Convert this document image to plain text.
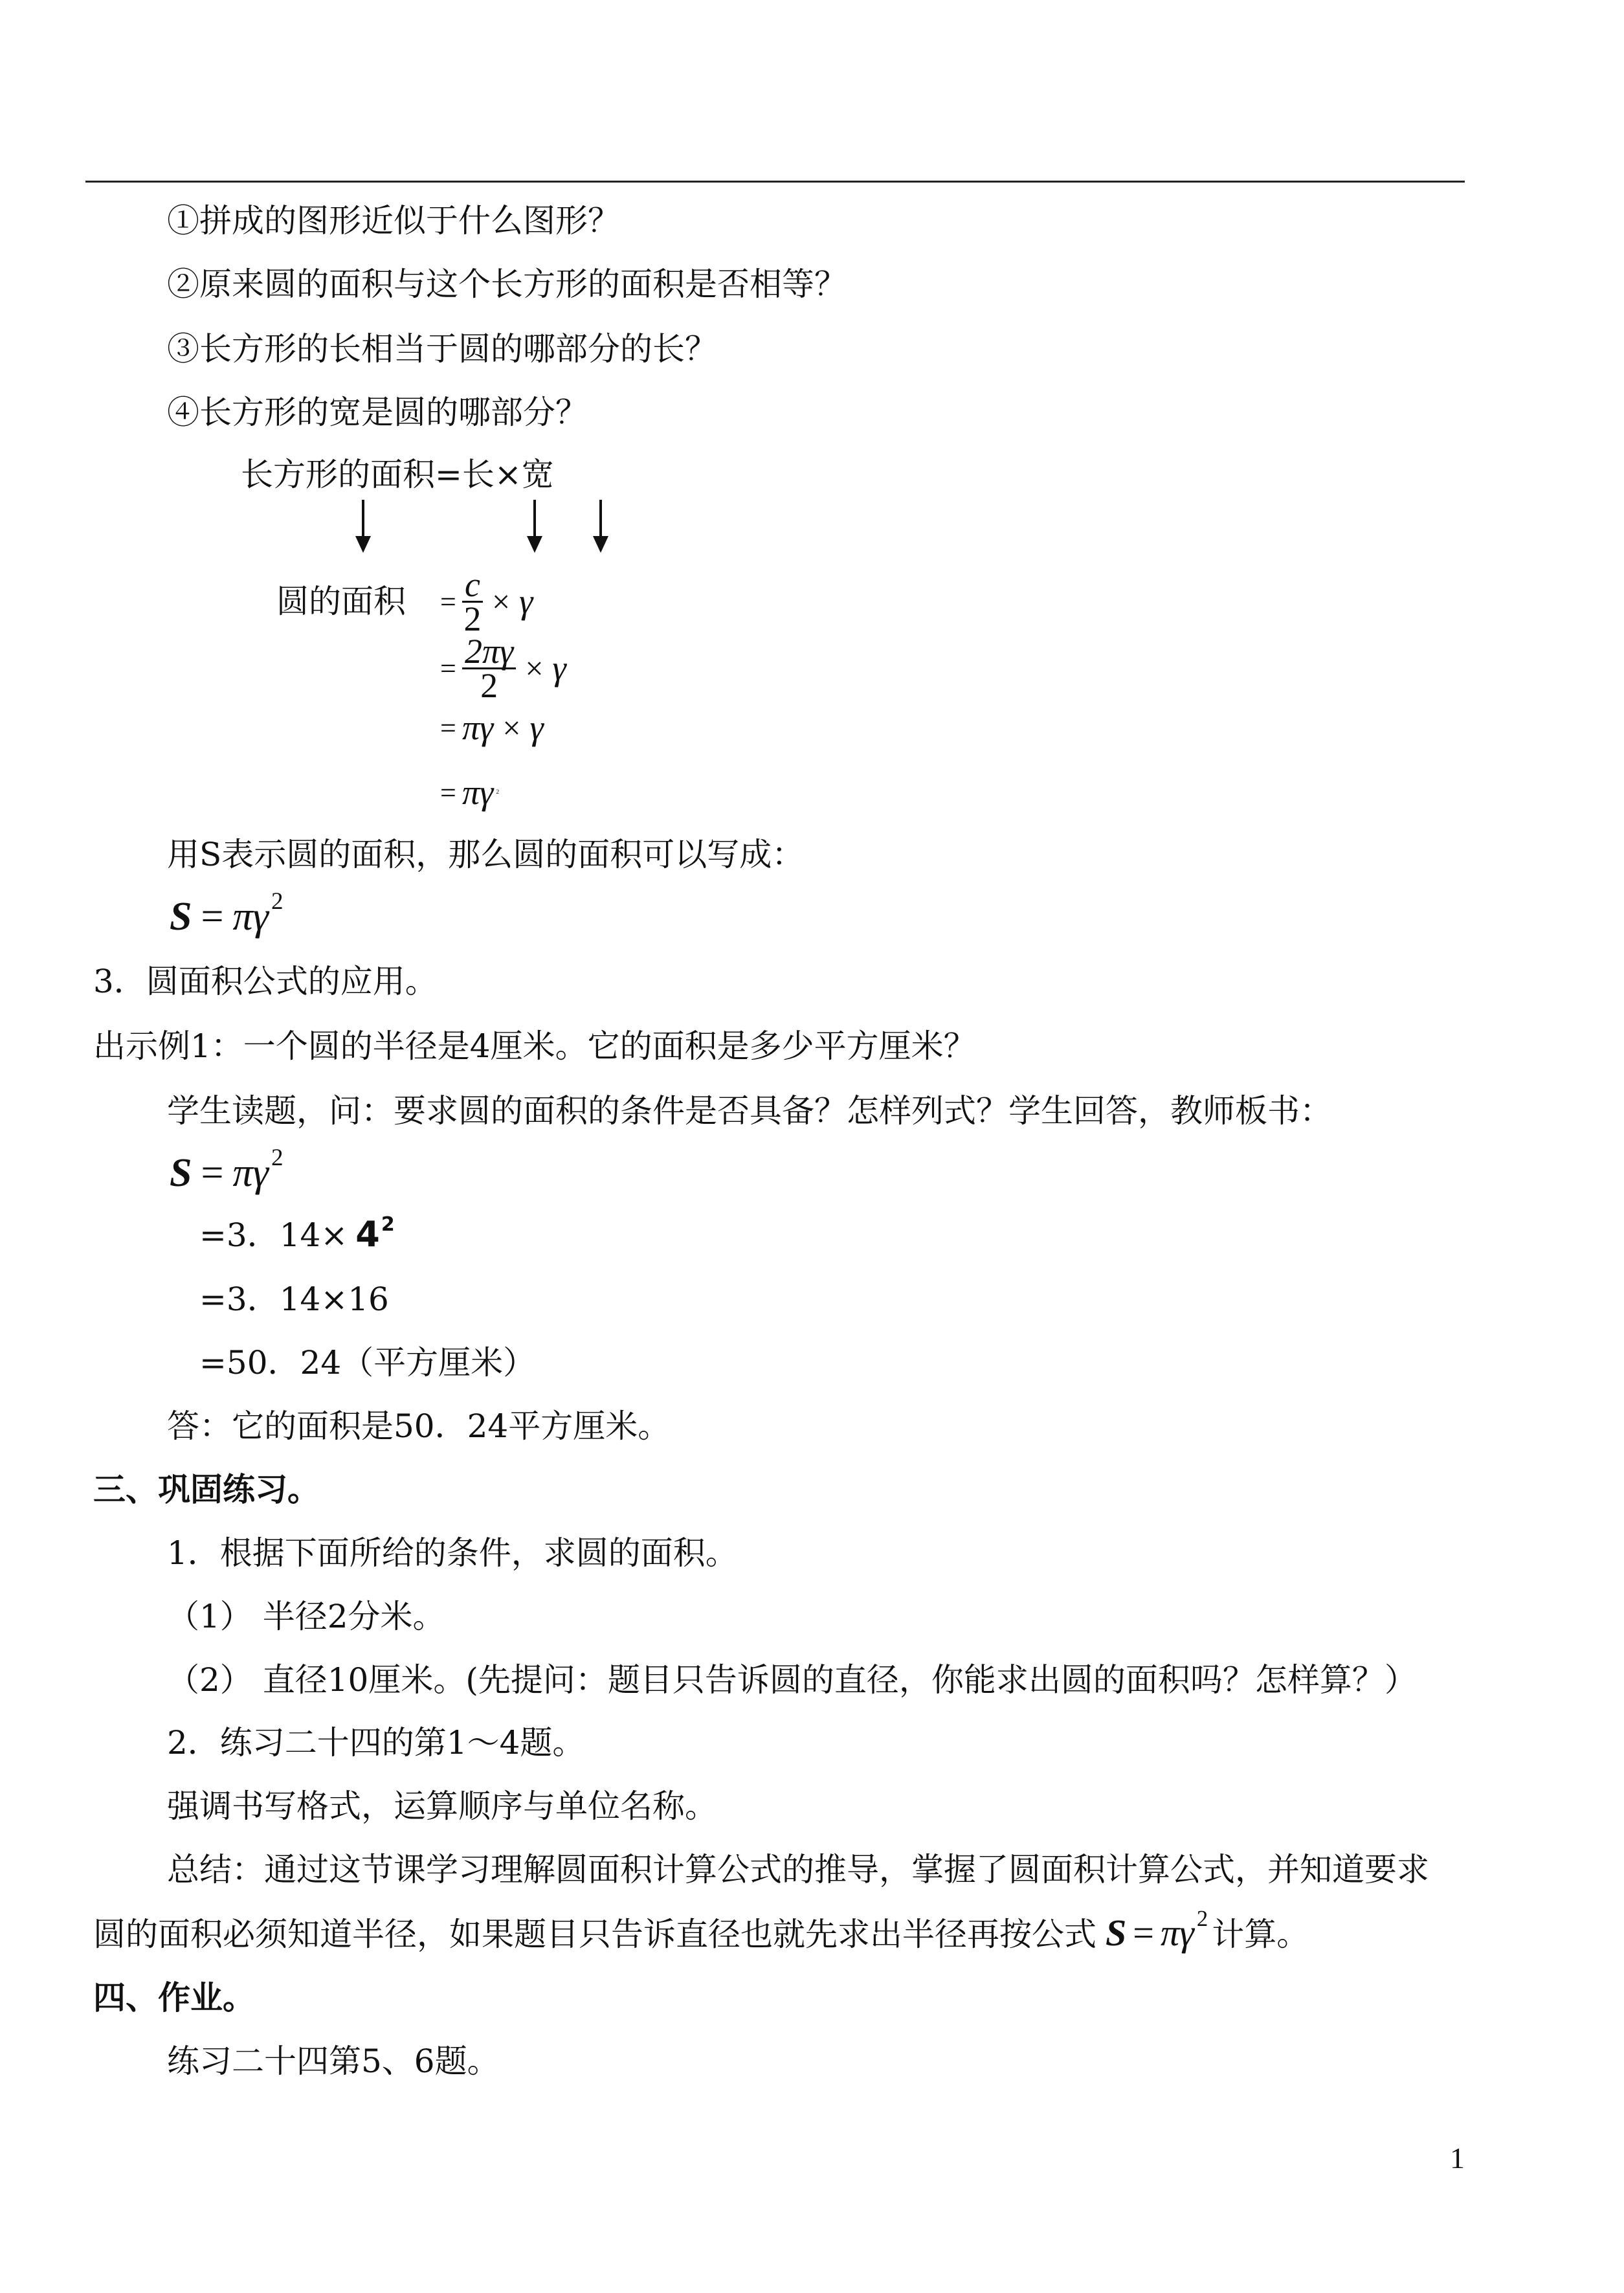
①拼成的图形近似于什么图形？
②原来圆的面积与这个长方形的面积是否相等？
③长方形的长相当于圆的哪部分的长？
④长方形的宽是圆的哪部分？
长方形的面积=长×宽
圆的面积 = $\frac{c}{2} \times \gamma$
= $\frac{2\pi\gamma}{2} \times \gamma$
= πγ × γ
= πγ 2
用S表示圆的面积，那么圆的面积可以写成：
S = πγ $^2$
3．圆面积公式的应用。
出示例1：一个圆的半径是4厘米。它的面积是多少平方厘米？
学生读题，问：要求圆的面积的条件是否具备？怎样列式？学生回答，教师板书：
S = πγ $^2$
=3．$14\times 4^2$
=3．14×16
=50．24（平方厘米）
答：它的面积是50．24平方厘米。
三、巩固练习。
1．根据下面所给的条件，求圆的面积。
（1） 半径2分米。
（2） 直径10厘米。(先提问：题目只告诉圆的直径，你能求出圆的面积吗？怎样算？）
2．练习二十四的第1～4题。
强调书写格式，运算顺序与单位名称。
总结：通过这节课学习理解圆面积计算公式的推导，掌握了圆面积计算公式，并知道要求
圆的面积必须知道半径，如果题目只告诉直径也就先求出半径再按公式 S = πγ $^2$ 计算。
四、作业。
练习二十四第5、6题。
1
